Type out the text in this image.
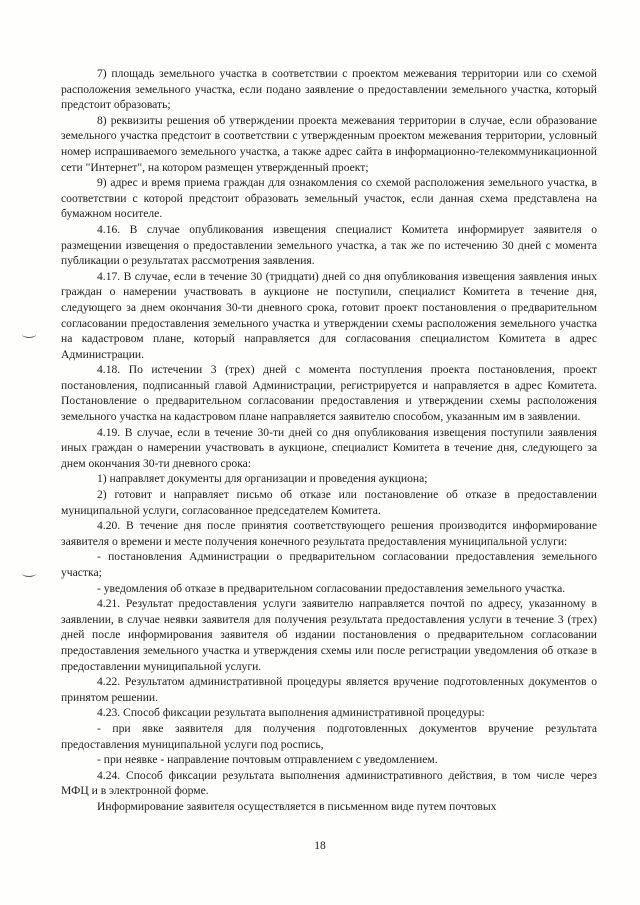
7) площадь земельного участка в соответствии с проектом межевания территории или со схемой расположения земельного участка, если подано заявление о предоставлении земельного участка, который предстоит образовать;

8) реквизиты решения об утверждении проекта межевания территории в случае, если образование земельного участка предстоит в соответствии с утвержденным проектом межевания территории, условный номер испрашиваемого земельного участка, а также адрес сайта в информационно-телекоммуникационной сети "Интернет", на котором размещен утвержденный проект;

9) адрес и время приема граждан для ознакомления со схемой расположения земельного участка, в соответствии с которой предстоит образовать земельный участок, если данная схема представлена на бумажном носителе.

4.16. В случае опубликования извещения специалист Комитета информирует заявителя о размещении извещения о предоставлении земельного участка, а так же по истечению 30 дней с момента публикации о результатах рассмотрения заявления.

4.17. В случае, если в течение 30 (тридцати) дней со дня опубликования извещения заявления иных граждан о намерении участвовать в аукционе не поступили, специалист Комитета в течение дня, следующего за днем окончания 30-ти дневного срока, готовит проект постановления о предварительном согласовании предоставления земельного участка и утверждении схемы расположения земельного участка на кадастровом плане, который направляется для согласования специалистом Комитета в адрес Администрации.

4.18. По истечении 3 (трех) дней с момента поступления проекта постановления, проект постановления, подписанный главой Администрации, регистрируется и направляется в адрес Комитета. Постановление о предварительном согласовании предоставления и утверждении схемы расположения земельного участка на кадастровом плане направляется заявителю способом, указанным им в заявлении.

4.19. В случае, если в течение 30-ти дней со дня опубликования извещения поступили заявления иных граждан о намерении участвовать в аукционе, специалист Комитета в течение дня, следующего за днем окончания 30-ти дневного срока:

1) направляет документы для организации и проведения аукциона;

2) готовит и направляет письмо об отказе или постановление об отказе в предоставлении муниципальной услуги, согласованное председателем Комитета.

4.20. В течение дня после принятия соответствующего решения производится информирование заявителя о времени и месте получения конечного результата предоставления муниципальной услуги:

- постановления Администрации о предварительном согласовании предоставления земельного участка;

- уведомления об отказе в предварительном согласовании предоставления земельного участка.

4.21. Результат предоставления услуги заявителю направляется почтой по адресу, указанному в заявлении, в случае неявки заявителя для получения результата предоставления услуги в течение 3 (трех) дней после информирования заявителя об издании постановления о предварительном согласовании предоставления земельного участка и утверждения схемы или после регистрации уведомления об отказе в предоставлении муниципальной услуги.

4.22. Результатом административной процедуры является вручение подготовленных документов о принятом решении.

4.23. Способ фиксации результата выполнения административной процедуры:

- при явке заявителя для получения подготовленных документов вручение результата предоставления муниципальной услуги под роспись,

- при неявке - направление почтовым отправлением с уведомлением.

4.24. Способ фиксации результата выполнения административного действия, в том числе через МФЦ и в электронной форме.

Информирование заявителя осуществляется в письменном виде путем почтовых

18
